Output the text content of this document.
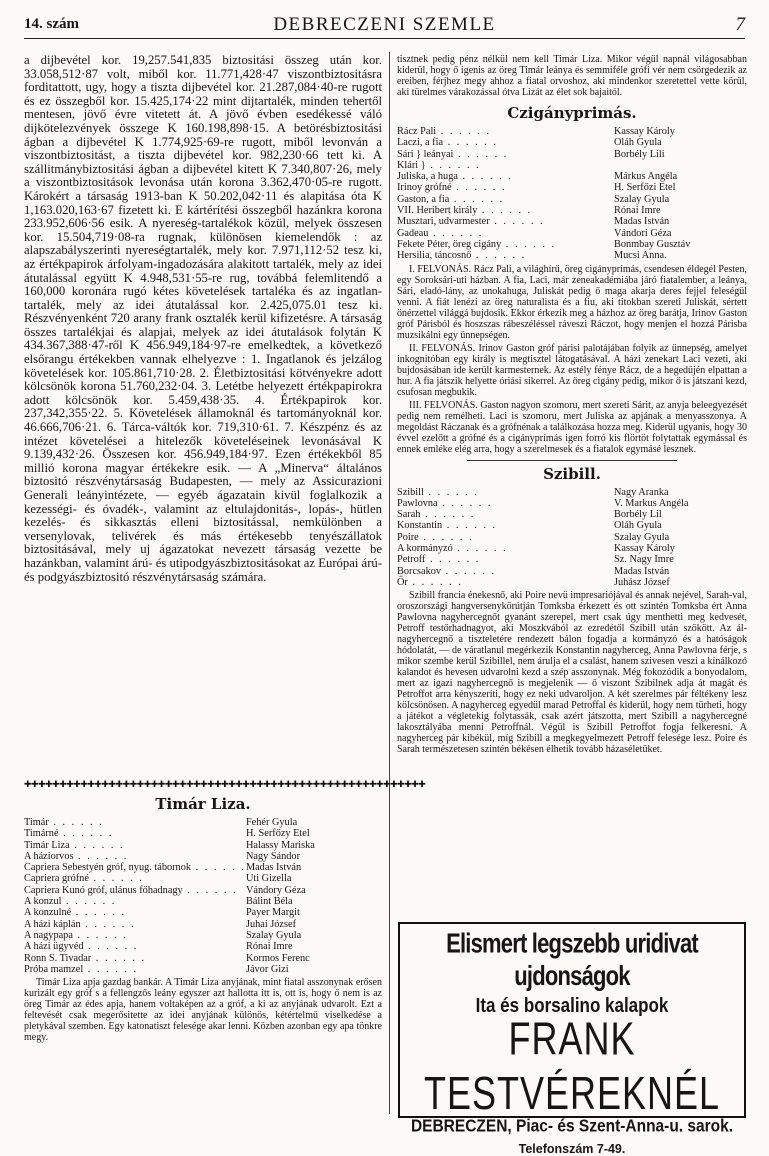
14. szám	DEBRECZENI SZEMLE	7

a dijbevétel kor. 19,257.541,835 biztositási összeg után kor. 33.058,512·87 volt, miből kor. 11.771,428·47 viszontbiztositásra forditattott, ugy, hogy a tiszta dijbevétel kor. 21.287,084·40-re rugott és ez összegből kor. 15.425,174·22 mint dijtartalék, minden tehertől mentesen, jövő évre vitetett át. A jövő évben esedékessé váló dijkötelezvények összege K 160.198,898·15. A betörésbiztositási ágban a dijbevétel K 1.774,925·69-re rugott, miből levonván a viszontbiztositást, a tiszta dijbevétel kor. 982,230·66 tett ki. A szállitmánybiztositási ágban a dijbevétel kitett K 7.340,807·26, mely a viszontbiztositások levonása után korona 3.362,470·05-re rugott. Károkért a társaság 1913-ban K 50.202,042·11 és alapitása óta K 1,163.020,163·67 fizetett ki. E kártérítési összegből hazánkra korona 233.952,606·56 esik. A nyereség-tartalékok közül, melyek összesen kor. 15.504,719·08-ra rugnak, különösen kiemelendők : az alapszabályszerinti nyereségtartalék, mely kor. 7.971,112·52 tesz ki, az értékpapirok árfolyam-ingadozására alakitott tartalék, mely az idei átutalással együtt K 4.948,531·55-re rug, továbbá felemlitendő a 160,000 koronára rugó kétes követelések tartaléka és az ingatlan-tartalék, mely az idei átutalással kor. 2.425,075.01 tesz ki. Részvényenként 720 arany frank osztalék kerül kifizetésre. A társaság összes tartalékjai és alapjai, melyek az idei átutalások folytán K 434.367,388·47-ről K 456.949,184·97-re emelkedtek, a következő elsőrangu értékekben vannak elhelyezve : 1. Ingatlanok és jelzálog követelések kor. 105.861,710·28. 2. Életbiztositási kötvényekre adott kölcsönök korona 51.760,232·04. 3. Letétbe helyezett értékpapirokra adott kölcsönök kor. 5.459,438·35. 4. Értékpapirok kor. 237,342,355·22. 5. Követelések államoknál és tartományoknál kor. 46.666,706·21. 6. Tárca-váltók kor. 719,310·61. 7. Készpénz és az intézet követelései a hitelezők követeléseinek levonásával K 9.139,432·26. Összesen kor. 456.949,184·97. Ezen értékekből 85 millió korona magyar értékekre esik. — A „Minerva“ általános biztositó részvénytársaság Budapesten, — mely az Assicurazioni Generali leányintézete, — egyéb ágazatain kivül foglalkozik a kezességi- és óvadék-, valamint az eltulajdonitás-, lopás-, hütlen kezelés- és sikkasztás elleni biztositással, nemkülönben a versenylovak, telivérek és más értékesebb tenyészállatok biztositásával, mely uj ágazatokat nevezett társaság vezette be hazánkban, valamint árú- és utipodgyászbiztositásokat az Európai árú- és podgyászbiztositó részvénytársaság számára.

✚✚✚✚✚✚✚✚✚✚✚✚✚✚✚✚✚✚✚✚✚✚✚✚✚✚✚✚✚✚✚✚✚✚✚✚✚✚✚✚✚✚✚✚✚✚✚✚✚✚✚✚✚✚✚✚✚
Timár Liza.
Timár . . . . . .	Fehér Gyula
Timárné . . . . . .	H. Serfőzy Etel
Timár Liza . . . . . .	Halassy Mariska
A háziorvos . . . . . .	Nagy Sándor
Capriera Sebestyén gróf, nyug. tábornok . . . . . .	Madas István
Capriera grófné . . . . . .	Uti Gizella
Capriera Kunó gróf, ulánus főhadnagy . . . . . .	Vándory Géza
A konzul . . . . . .	Bálint Béla
A konzulné . . . . . .	Payer Margit
A házi káplán . . . . . .	Juhai József
A nagypapa . . . . . .	Szalay Gyula
A házi ügyvéd . . . . . .	Rónai Imre
Ronn S. Tivadar . . . . . .	Kormos Ferenc
Próba mamzel . . . . . .	Jávor Gizi

Timár Liza apja gazdag bankár. A Timár Liza anyjának, mint fiatal asszonynak erősen kurizált egy gróf s a fellengzős leány egyszer azt hallotta itt is, ott is, hogy ő nem is az öreg Timár az édes apja, hanem voltaképen az a gróf, a ki az anyjának udvarolt. Ezt a feltevését csak megerősitette az idei anyjának különös, kétértelmű viselkedése a pletykával szemben. Egy katonatiszt felesége akar lenni. Közben azonban egy apa tönkre megy.

tisztnek pedig pénz nélkül nem kell Timár Liza. Mikor végül napnál világosabban kiderül, hogy ő igenis az öreg Timár leánya és semmiféle grófi vér nem csörgedezik az ereiben, férjhez megy ahhoz a fiatal orvoshoz, aki mindenkor szeretettel vette körül, aki türelmes várakozással ótva Lizát az élet sok bajaitól.

Czigányprimás.
Rácz Pali . . . . . .	Kassay Károly
Laczi, a fia . . . . . .	Oláh Gyula
Sári } leányai . . . . . .	Borbély Lili
Klári } . . . . . .	
Juliska, a huga . . . . . .	Márkus Angéla
Irinoy grófné . . . . . .	H. Serfőzi Etel
Gaston, a fia . . . . . .	Szalay Gyula
VII. Heribert király . . . . . .	Rónai Imre
Musztari, udvarmester . . . . . .	Madas István
Gadeau . . . . . .	Vándori Géza
Fekete Péter, öreg cigány . . . . . .	Bonmbay Gusztáv
Hersilia, táncosnő . . . . . .	Mucsi Anna.

I. FELVONÁS. Rácz Pali, a világhírű, öreg cigányprímás, csendesen éldegél Pesten, egy Soroksári-uti házban. A fia, Laci, már zeneakadémiába járó fiatalember, a leánya, Sári, eladó-lány, az unokahuga, Juliskát pedig ő maga akarja deres fejjel feleségül venni. A fiát lenézi az öreg naturalista és a fiu, aki titokban szereti Juliskát, sértett önérzettel világgá bujdosik. Ekkor érkezik meg a házhoz az öreg barátja, Irinov Gaston gróf Párisból és hoszszas rábeszéléssel ráveszi Ráczot, hogy menjen el hozzá Párisba muzsikálni egy ünnepségen.

II. FELVONÁS. Irinov Gaston gróf párisi palotájában folyik az ünnepség, amelyet inkognitóban egy király is megtisztel látogatásával. A házi zenekart Laci vezeti, aki bujdosásában ide került karmesternek. Az estély fénye Rácz, de a hegedűjén elpattan a hur. A fia játszik helyette óriási sikerrel. Az öreg cigány pedig, mikor ő is játszani kezd, csufosan megbukik.

III. FELVONÁS. Gaston nagyon szomoru, mert szereti Sárit, az anyja beleegyezését pedig nem remélheti. Laci is szomoru, mert Juliska az apjának a menyasszonya. A megoldást Ráczanak és a grófnénak a találkozása hozza meg. Kiderül ugyanis, hogy 30 évvel ezelőtt a grófné és a cigányprímás igen forró kis flörtöt folytattak egymással és ennek emléke elég arra, hogy a szerelmesek és a fiatalok egymásé lesznek.

Szibill.
Szibill . . . . . .	Nagy Aranka
Pawlovna . . . . . .	V. Markus Angéla
Sarah . . . . . .	Borbély Lil
Konstantin . . . . . .	Oláh Gyula
Poire . . . . . .	Szalay Gyula
A kormányzó . . . . . .	Kassay Károly
Petroff . . . . . .	Sz. Nagy Imre
Borcsakov . . . . . .	Madas István
Őr . . . . . .	Juhász József

Szibill francia énekesnő, aki Poire nevü impresariójával és annak nejével, Sarah-val, oroszországi hangversenykörútján Tomksba érkezett és ott szintén Tomksba ért Anna Pawlovna nagyhercegnőt gyanánt szerepel, mert csak úgy menthetti meg kedvesét, Petroff testőrhadnagyot, aki Moszkvából az ezredétől Szibill után szökött. Az ál-nagyhercegnő a tiszteletére rendezett bálon fogadja a kormányzó és a hatóságok hódolatát, — de váratlanul megérkezik Konstantin nagyherceg, Anna Pawlovna férje, s mikor szembe kerül Szibillel, nem árulja el a csalást, hanem szivesen veszi a kínálkozó kalandot és hevesen udvarolni kezd a szép asszonynak. Még fokozódik a bonyodalom, mert az igazi nagyhercegnő is megjelenik — ő viszont Szibilnek adja át magát és Petroffot arra kényszeríti, hogy ez neki udvaroljon. A két szerelmes pár féltékeny lesz kölcsönösen. A nagyherceg egyedül marad Petroffal és kiderül, hogy nem türheti, hogy a játékot a végletekig folytassák, csak azért játszotta, mert Szibill a nagyhercegné lakosztályába menni Petroffnál. Végül is Szibill Petroffot fogja felkeresni. A nagyherceg pár kibékül, míg Szibill a megkegyelmezett Petroff felesége lesz. Poire és Sarah természetesen szintén békésen élhetik tovább házaséletüket.

Elismert legszebb uridivat ujdonságok
Ita és borsalino kalapok
FRANK TESTVÉREKNÉL
DEBRECZEN, Piac- és Szent-Anna-u. sarok.
Telefonszám 7-49.
